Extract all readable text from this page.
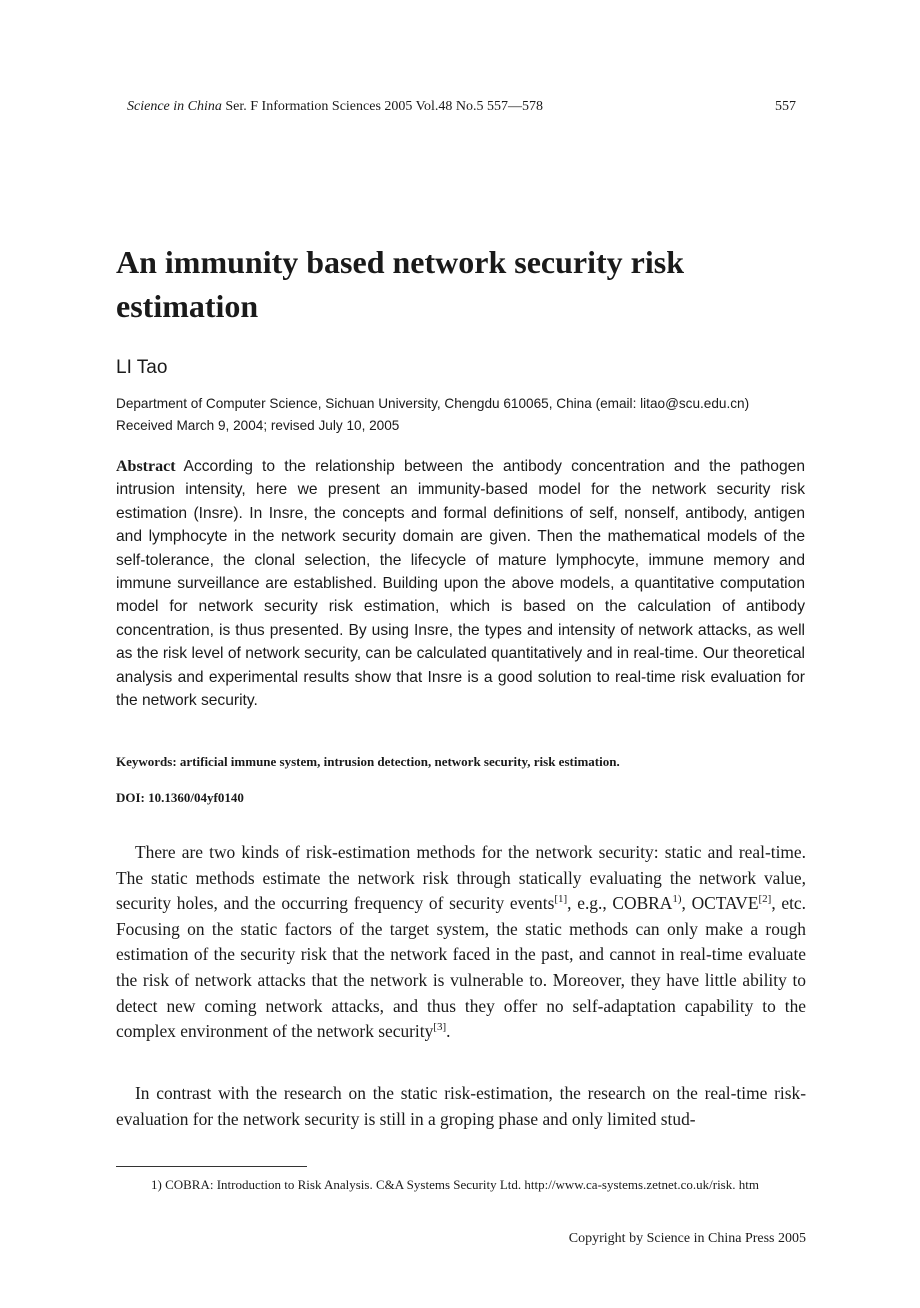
Science in China Ser. F Information Sciences 2005 Vol.48 No.5 557—578	557
An immunity based network security risk estimation
LI Tao
Department of Computer Science, Sichuan University, Chengdu 610065, China (email: litao@scu.edu.cn)
Received March 9, 2004; revised July 10, 2005

Abstract According to the relationship between the antibody concentration and the pathogen intrusion intensity, here we present an immunity-based model for the network security risk estimation (Insre). In Insre, the concepts and formal definitions of self, nonself, antibody, antigen and lymphocyte in the network security domain are given. Then the mathematical models of the self-tolerance, the clonal selection, the lifecycle of mature lymphocyte, immune memory and immune surveillance are established. Building upon the above models, a quantitative computation model for network security risk estimation, which is based on the calculation of antibody concentration, is thus presented. By using Insre, the types and intensity of network attacks, as well as the risk level of network security, can be calculated quantitatively and in real-time. Our theoretical analysis and experimental results show that Insre is a good solution to real-time risk evaluation for the network security.

Keywords: artificial immune system, intrusion detection, network security, risk estimation.
DOI: 10.1360/04yf0140

There are two kinds of risk-estimation methods for the network security: static and real-time. The static methods estimate the network risk through statically evaluating the network value, security holes, and the occurring frequency of security events[1], e.g., COBRA$^{1)}$, OCTAVE[2], etc. Focusing on the static factors of the target system, the static methods can only make a rough estimation of the security risk that the network faced in the past, and cannot in real-time evaluate the risk of network attacks that the network is vulnerable to. Moreover, they have little ability to detect new coming network attacks, and thus they offer no self-adaptation capability to the complex environment of the network security[3].

In contrast with the research on the static risk-estimation, the research on the real-time risk-evaluation for the network security is still in a groping phase and only limited stud-

1) COBRA: Introduction to Risk Analysis. C&A Systems Security Ltd. http://www.ca-systems.zetnet.co.uk/risk. htm

Copyright by Science in China Press 2005
